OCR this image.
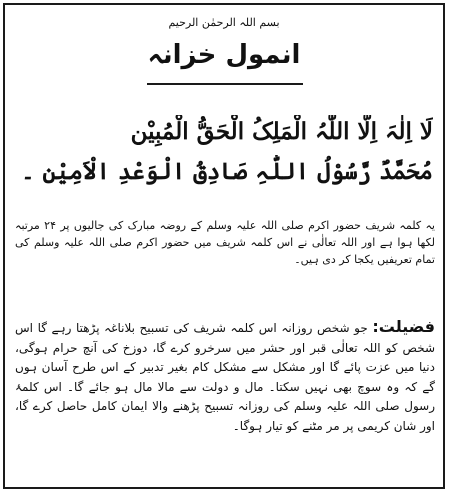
بسم اللہ الرحمٰن الرحیم
انمول خزانہ
لَا اِلٰہَ اِلَّا اللّٰہُ الْمَلِکُ الْحَقُّ الْمُبِیْن
مُحَمَّدٌ رَّسُوْلُ اللّٰہِ صَادِقُ الْوَعْدِ الْاَمِیْن ۔
یہ کلمہ شریف حضور اکرم صلی اللہ علیہ وسلم کے روضہ مبارک کی جالیوں پر ۲۴ مرتبہ لکھا ہوا ہے اور اللہ تعالٰی نے اس کلمہ شریف میں حضور اکرم صلی اللہ علیہ وسلم کی تمام تعریفیں یکجا کر دی ہیں۔
فضیلت: جو شخص روزانہ اس کلمہ شریف کی تسبیح بلاناغہ پڑھتا رہے گا اس شخص کو اللہ تعالٰی قبر اور حشر میں سرخرو کرے گا، دوزخ کی آنچ حرام ہوگی، دنیا میں عزت پائے گا اور مشکل سے مشکل کام بغیر تدبیر کے اس طرح آسان ہوں گے کہ وہ سوچ بھی نہیں سکتا۔ مال و دولت سے مالا مال ہو جائے گا۔ اس کلمۂ رسول صلی اللہ علیہ وسلم کی روزانہ تسبیح پڑھنے والا ایمان کامل حاصل کرے گا، اور شان کریمی پر مر مٹنے کو تیار ہوگا۔
